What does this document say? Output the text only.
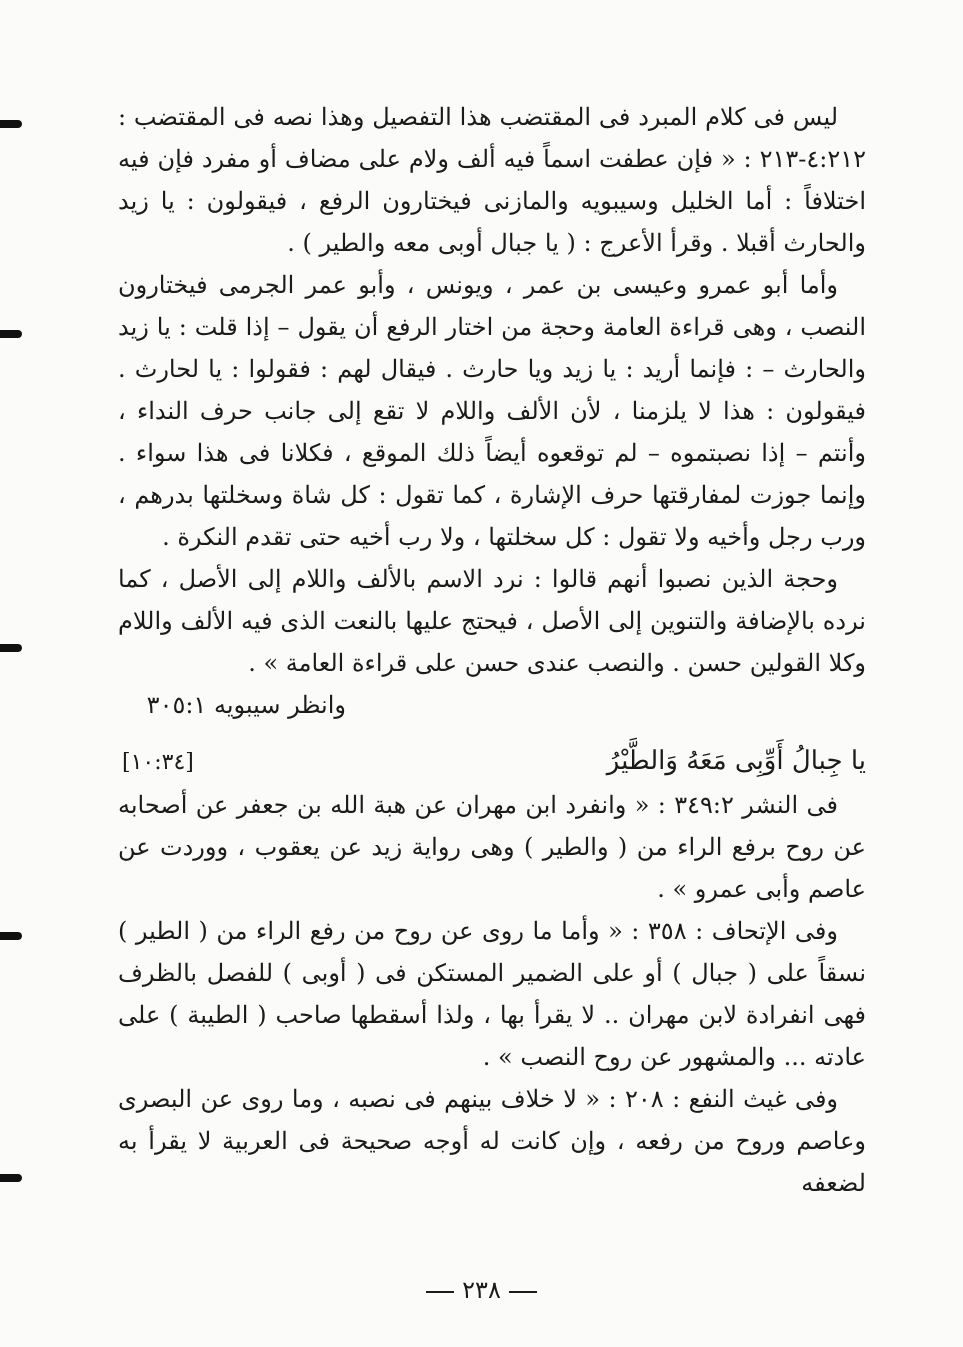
ليس فى كلام المبرد فى المقتضب هذا التفصيل وهذا نصه فى المقتضب : ٤:٢١٢-٢١٣ : « فإن عطفت اسماً فيه ألف ولام على مضاف أو مفرد فإن فيه اختلافاً : أما الخليل وسيبويه والمازنى فيختارون الرفع ، فيقولون : يا زيد والحارث أقبلا . وقرأ الأعرج : ( يا جبال أوبى معه والطير ) .

وأما أبو عمرو وعيسى بن عمر ، ويونس ، وأبو عمر الجرمى فيختارون النصب ، وهى قراءة العامة وحجة من اختار الرفع أن يقول – إذا قلت : يا زيد والحارث – : فإنما أريد : يا زيد ويا حارث . فيقال لهم : فقولوا : يا لحارث . فيقولون : هذا لا يلزمنا ، لأن الألف واللام لا تقع إلى جانب حرف النداء ، وأنتم – إذا نصبتموه – لم توقعوه أيضاً ذلك الموقع ، فكلانا فى هذا سواء . وإنما جوزت لمفارقتها حرف الإشارة ، كما تقول : كل شاة وسخلتها بدرهم ، ورب رجل وأخيه ولا تقول : كل سخلتها ، ولا رب أخيه حتى تقدم النكرة .

وحجة الذين نصبوا أنهم قالوا : نرد الاسم بالألف واللام إلى الأصل ، كما نرده بالإضافة والتنوين إلى الأصل ، فيحتج عليها بالنعت الذى فيه الألف واللام وكلا القولين حسن . والنصب عندى حسن على قراءة العامة » .

وانظر سيبويه ٣٠٥:١
يا جِبالُ أَوِّبِى مَعَهُ وَالطَّيْرُ
[١٠:٣٤]

فى النشر ٣٤٩:٢ : « وانفرد ابن مهران عن هبة الله بن جعفر عن أصحابه عن روح برفع الراء من ( والطير ) وهى رواية زيد عن يعقوب ، ووردت عن عاصم وأبى عمرو » .

وفى الإتحاف : ٣٥٨ : « وأما ما روى عن روح من رفع الراء من ( الطير ) نسقاً على ( جبال ) أو على الضمير المستكن فى ( أوبى ) للفصل بالظرف فهى انفرادة لابن مهران .. لا يقرأ بها ، ولذا أسقطها صاحب ( الطيبة ) على عادته ... والمشهور عن روح النصب » .

وفى غيث النفع : ٢٠٨ : « لا خلاف بينهم فى نصبه ، وما روى عن البصرى وعاصم وروح من رفعه ، وإن كانت له أوجه صحيحة فى العربية لا يقرأ به لضعفه

٢٣٨
